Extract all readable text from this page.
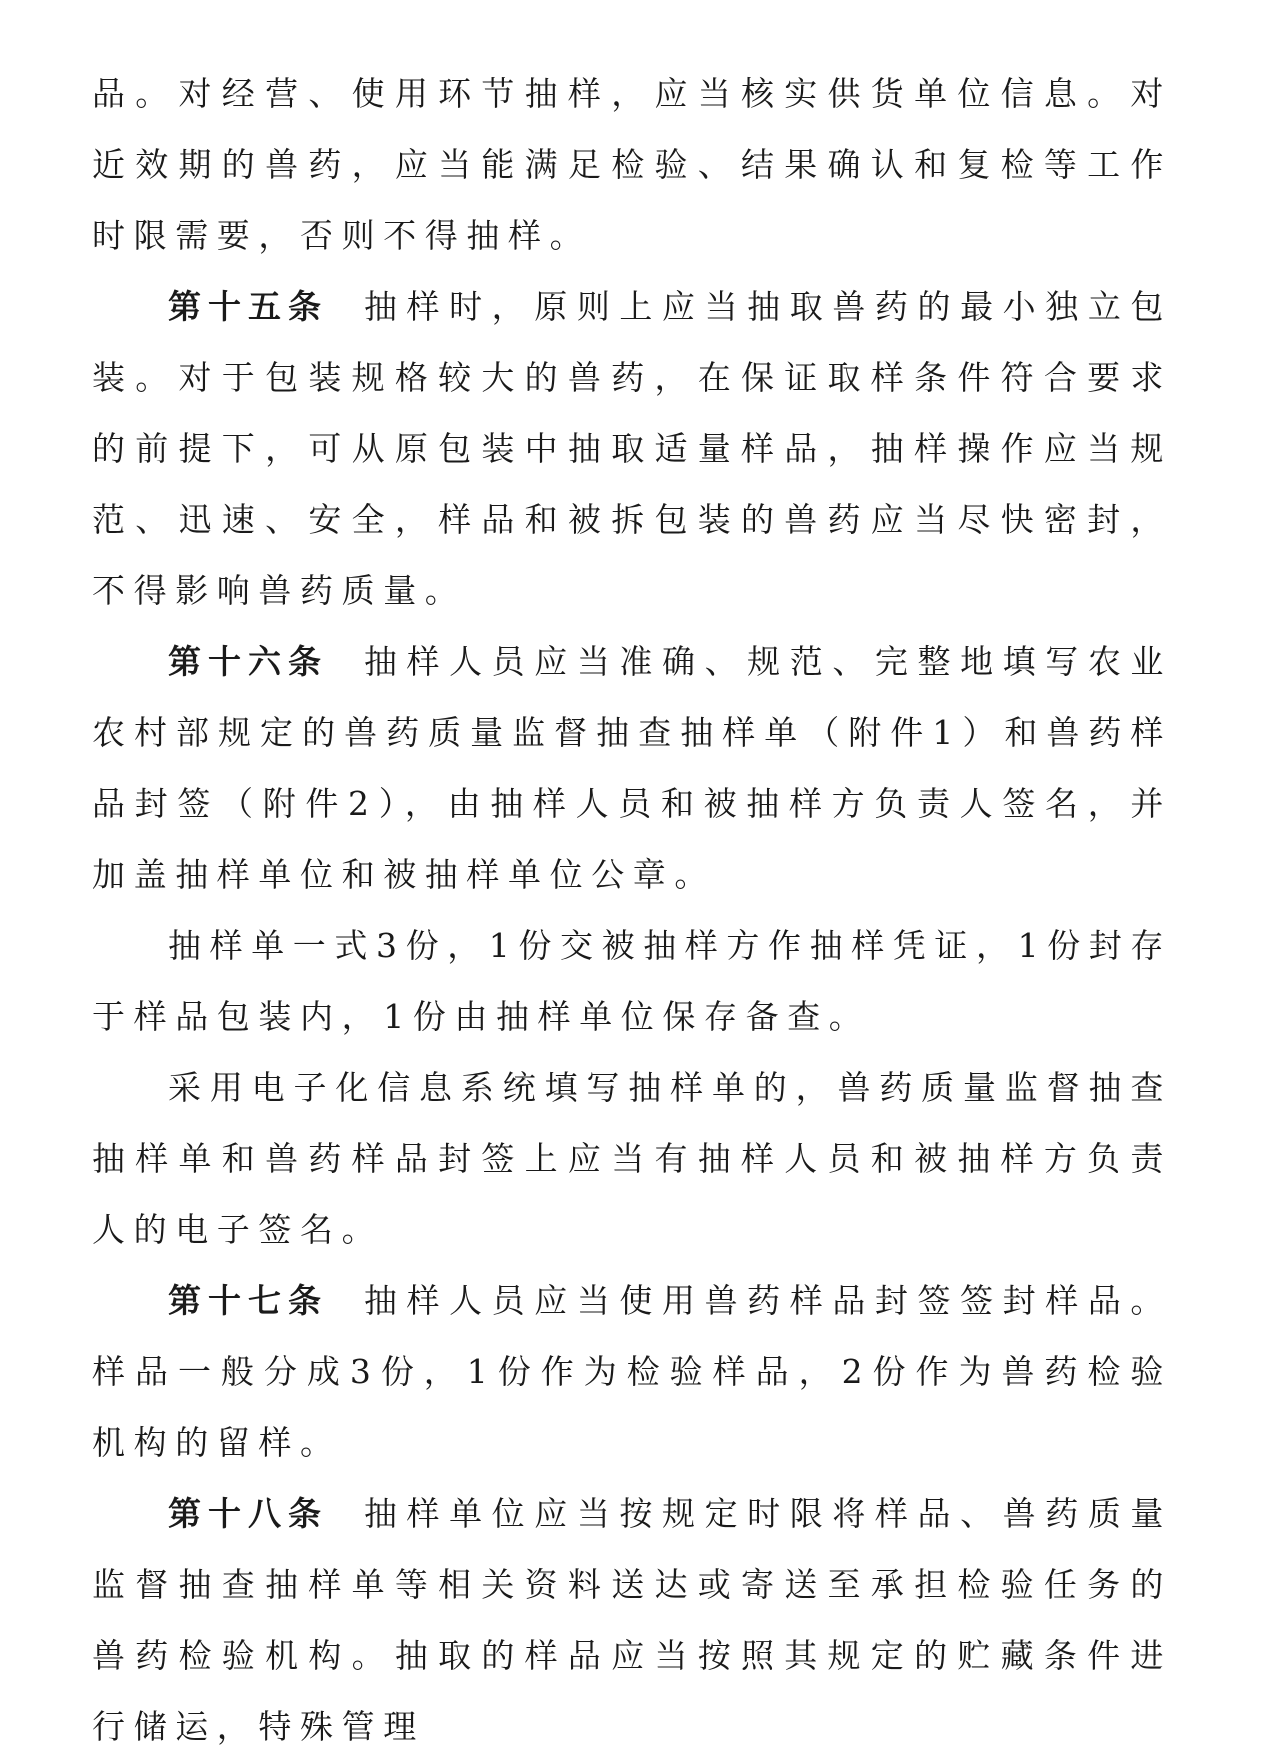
品。对经营、使用环节抽样，应当核实供货单位信息。对近效期的兽药，应当能满足检验、结果确认和复检等工作时限需要，否则不得抽样。

第十五条 抽样时，原则上应当抽取兽药的最小独立包装。对于包装规格较大的兽药，在保证取样条件符合要求的前提下，可从原包装中抽取适量样品，抽样操作应当规范、迅速、安全，样品和被拆包装的兽药应当尽快密封，不得影响兽药质量。

第十六条 抽样人员应当准确、规范、完整地填写农业农村部规定的兽药质量监督抽查抽样单（附件1）和兽药样品封签（附件2），由抽样人员和被抽样方负责人签名，并加盖抽样单位和被抽样单位公章。

抽样单一式3份，1份交被抽样方作抽样凭证，1份封存于样品包装内，1份由抽样单位保存备查。

采用电子化信息系统填写抽样单的，兽药质量监督抽查抽样单和兽药样品封签上应当有抽样人员和被抽样方负责人的电子签名。

第十七条 抽样人员应当使用兽药样品封签签封样品。样品一般分成3份，1份作为检验样品，2份作为兽药检验机构的留样。

第十八条 抽样单位应当按规定时限将样品、兽药质量监督抽查抽样单等相关资料送达或寄送至承担检验任务的兽药检验机构。抽取的样品应当按照其规定的贮藏条件进行储运，特殊管理
